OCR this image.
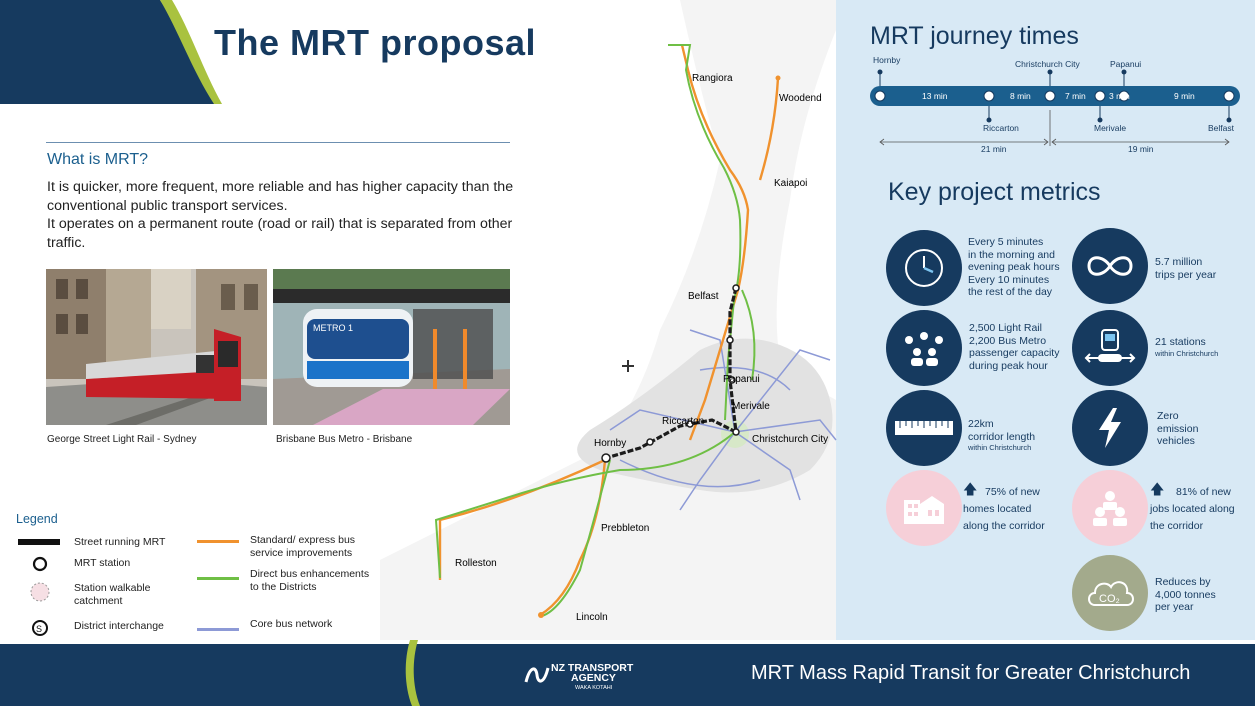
The MRT proposal
What is MRT?
It is quicker, more frequent, more reliable and has higher capacity than the conventional public transport services.
It operates on a permanent route (road or rail) that is separated from other traffic.
George Street Light Rail - Sydney
METRO 1
Brisbane Bus Metro - Brisbane
Rangiora
Woodend
Kaiapoi
Belfast
Papanui
Merivale
Riccarton
Christchurch City
Hornby
Prebbleton
Rolleston
Lincoln
Legend
S
Street running MRT
MRT station
Station walkable catchment
District interchange
Standard/ express bus service improvements
Direct bus enhancements to the Districts
Core bus network
MRT journey times
Hornby	Christchurch City	Papanui
Riccarton	Merivale	Belfast
21 min	19 min
13 min	8 min	7 min	3 min	9 min
Key project metrics
Every 5 minutes
in the morning and
evening peak hours
Every 10 minutes
the rest of the day
5.7 million
trips per year
2,500 Light Rail
2,200 Bus Metro
passenger capacity
during peak hour
21 stations
within Christchurch
22km
corridor length
within Christchurch
Zero
emission
vehicles
🡅 75% of new
homes located
along the corridor
🡅	81% of new
jobs located along
the corridor
CO₂
Reduces by
4,000 tonnes
per year
NZ TRANSPORT
AGENCY
WAKA KOTAHI
MRT Mass Rapid Transit for Greater Christchurch
